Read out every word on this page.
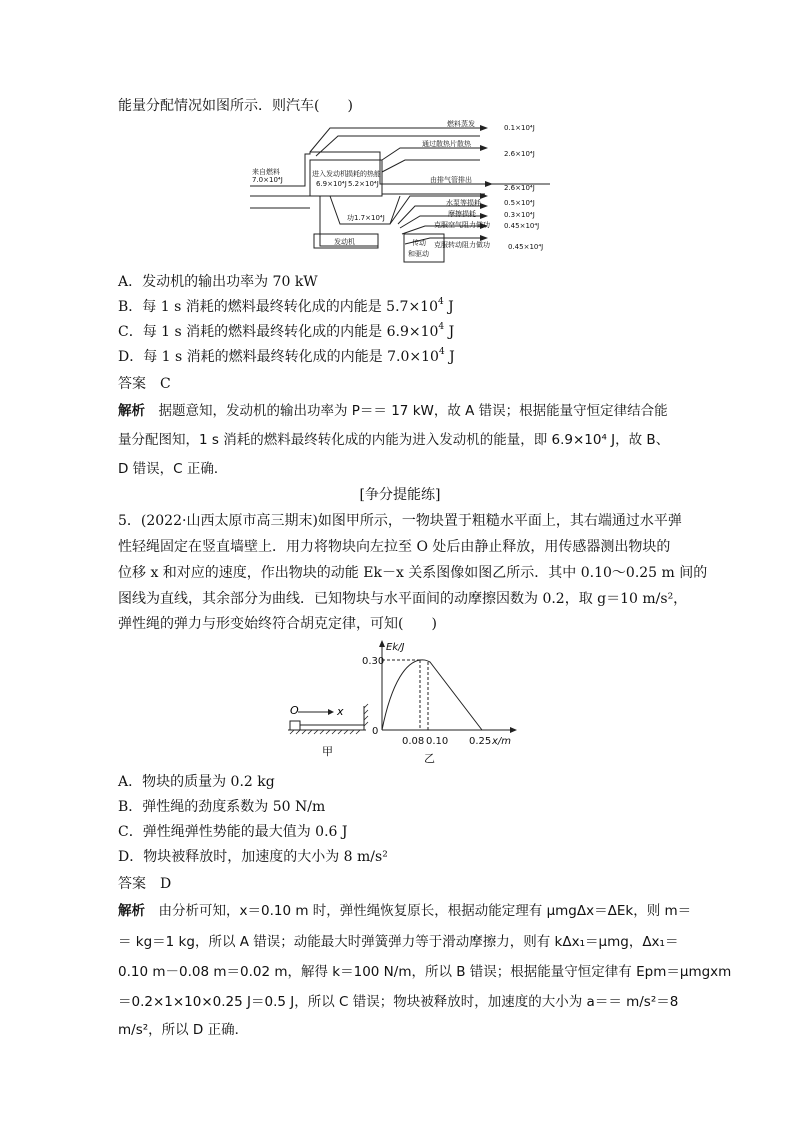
能量分配情况如图所示．则汽车(　　)
来自燃料
7.0×10⁴J
进入发动机
6.9×10⁴J
损耗的热能
5.2×10⁴J
功1.7×10⁴J
发动机	传动
和驱动
燃料蒸发
通过散热片散热
由排气管排出
水泵等损耗
摩擦损耗
克服空气阻力做功
克服转动阻力做功
0.1×10⁴J
2.6×10⁴J
2.6×10⁴J
0.5×10⁴J
0.3×10⁴J
0.45×10⁴J
0.45×10⁴J
A．发动机的输出功率为 70 kW
B．每 1 s 消耗的燃料最终转化成的内能是 $5.7\times 10^4$ J
C．每 1 s 消耗的燃料最终转化成的内能是 $6.9\times 10^4$ J
D．每 1 s 消耗的燃料最终转化成的内能是 $7.0\times 10^4$ J
答案　C
解析　据题意知，发动机的输出功率为 P＝＝ 17 kW，故 A 错误；根据能量守恒定律结合能
量分配图知，1 s 消耗的燃料最终转化成的内能为进入发动机的能量，即 6.9×10⁴ J，故 B、
D 错误，C 正确．
[争分提能练]
5．(2022·山西太原市高三期末)如图甲所示，一物块置于粗糙水平面上，其右端通过水平弹
性轻绳固定在竖直墙壁上．用力将物块向左拉至 O 处后由静止释放，用传感器测出物块的
位移 x 和对应的速度，作出物块的动能 Ek－x 关系图像如图乙所示．其中 0.10～0.25 m 间的
图线为直线，其余部分为曲线．已知物块与水平面间的动摩擦因数为 0.2，取 g＝10 m/s²，
弹性绳的弹力与形变始终符合胡克定律，可知(　　)
O	x
甲
Ek/J
0.30
0
0.08 0.10 0.25 x/m
乙
A．物块的质量为 0.2 kg
B．弹性绳的劲度系数为 50 N/m
C．弹性绳弹性势能的最大值为 0.6 J
D．物块被释放时，加速度的大小为 8 m/s²
答案　D
解析　由分析可知，x＝0.10 m 时，弹性绳恢复原长，根据动能定理有 μmgΔx＝ΔEk，则 m＝
＝ kg＝1 kg，所以 A 错误；动能最大时弹簧弹力等于滑动摩擦力，则有 kΔx₁＝μmg，Δx₁＝
0.10 m－0.08 m＝0.02 m，解得 k＝100 N/m，所以 B 错误；根据能量守恒定律有 Epm＝μmgxm
＝0.2×1×10×0.25 J＝0.5 J，所以 C 错误；物块被释放时，加速度的大小为 a＝＝ m/s²＝8
m/s²，所以 D 正确．
